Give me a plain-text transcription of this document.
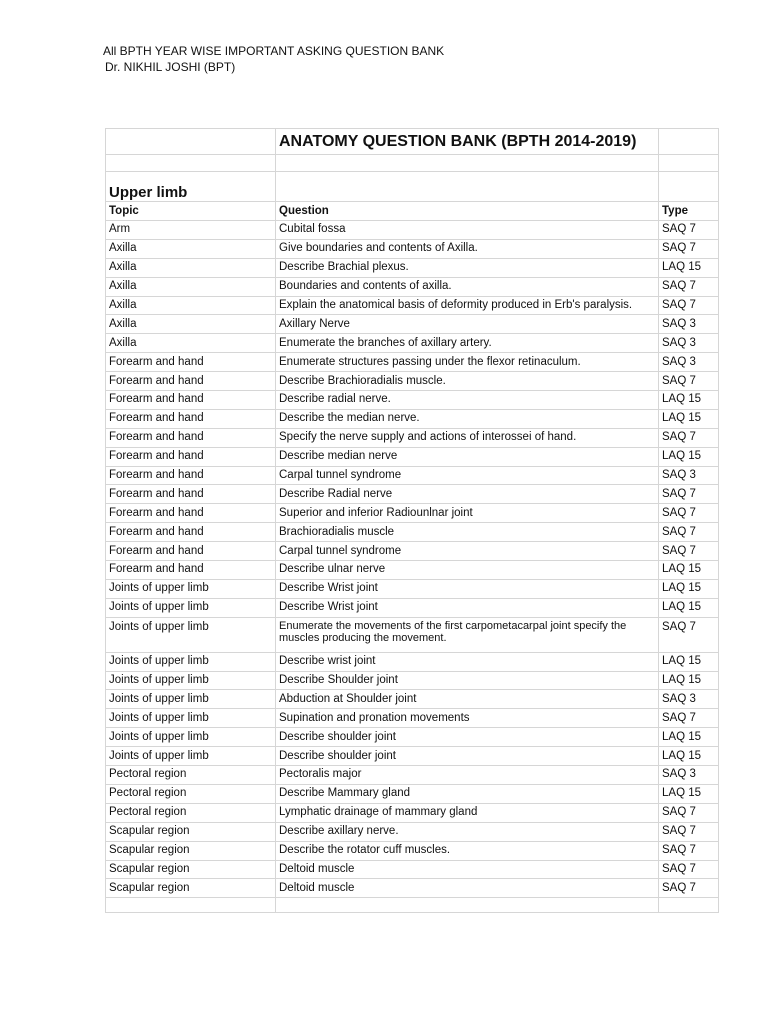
All BPTH YEAR WISE IMPORTANT ASKING QUESTION BANK
Dr. NIKHIL JOSHI (BPT)
	ANATOMY QUESTION BANK (BPTH 2014-2019)	

Upper limb		
Topic	Question	Type
Arm	Cubital fossa	SAQ 7
Axilla	Give boundaries and contents of Axilla.	SAQ 7
Axilla	Describe Brachial plexus.	LAQ 15
Axilla	Boundaries and contents of axilla.	SAQ 7
Axilla	Explain the anatomical basis of deformity produced in Erb's paralysis.	SAQ 7
Axilla	Axillary Nerve	SAQ 3
Axilla	Enumerate the branches of axillary artery.	SAQ 3
Forearm and hand	Enumerate structures passing under the flexor retinaculum.	SAQ 3
Forearm and hand	Describe Brachioradialis muscle.	SAQ 7
Forearm and hand	Describe radial nerve.	LAQ 15
Forearm and hand	Describe the median nerve.	LAQ 15
Forearm and hand	Specify the nerve supply and actions of interossei of hand.	SAQ 7
Forearm and hand	Describe median nerve	LAQ 15
Forearm and hand	Carpal tunnel syndrome	SAQ 3
Forearm and hand	Describe Radial nerve	SAQ 7
Forearm and hand	Superior and inferior Radiounlnar joint	SAQ 7
Forearm and hand	Brachioradialis muscle	SAQ 7
Forearm and hand	Carpal tunnel syndrome	SAQ 7
Forearm and hand	Describe ulnar nerve	LAQ 15
Joints of upper limb	Describe Wrist joint	LAQ 15
Joints of upper limb	Describe Wrist joint	LAQ 15
Joints of upper limb	Enumerate the movements of the first carpometacarpal joint specify the muscles producing the movement.	SAQ 7
Joints of upper limb	Describe wrist joint	LAQ 15
Joints of upper limb	Describe Shoulder joint	LAQ 15
Joints of upper limb	Abduction at Shoulder joint	SAQ 3
Joints of upper limb	Supination and pronation movements	SAQ 7
Joints of upper limb	Describe shoulder joint	LAQ 15
Joints of upper limb	Describe shoulder joint	LAQ 15
Pectoral region	Pectoralis major	SAQ 3
Pectoral region	Describe Mammary gland	LAQ 15
Pectoral region	Lymphatic drainage of mammary gland	SAQ 7
Scapular region	Describe axillary nerve.	SAQ 7
Scapular region	Describe the rotator cuff muscles.	SAQ 7
Scapular region	Deltoid muscle	SAQ 7
Scapular region	Deltoid muscle	SAQ 7
